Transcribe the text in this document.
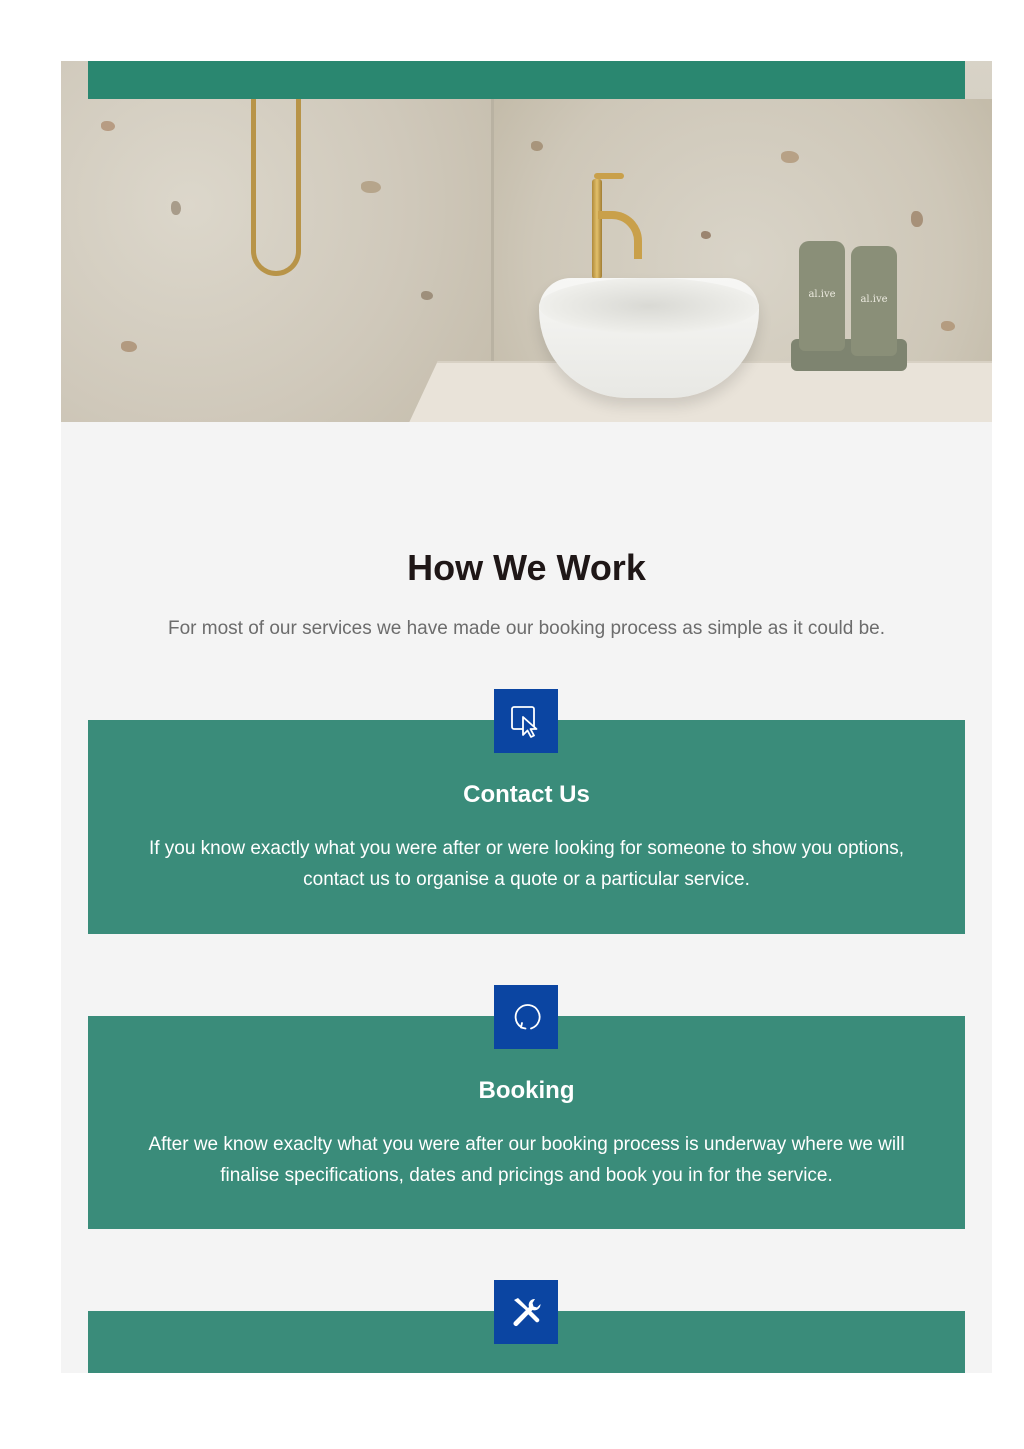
al.ive	al.ive
How We Work

For most of our services we have made our booking process as simple as it could be.

Contact Us
If you know exactly what you were after or were looking for someone to show you options, contact us to organise a quote or a particular service.
Booking
After we know exaclty what you were after our booking process is underway where we will finalise specifications, dates and pricings and book you in for the service.
